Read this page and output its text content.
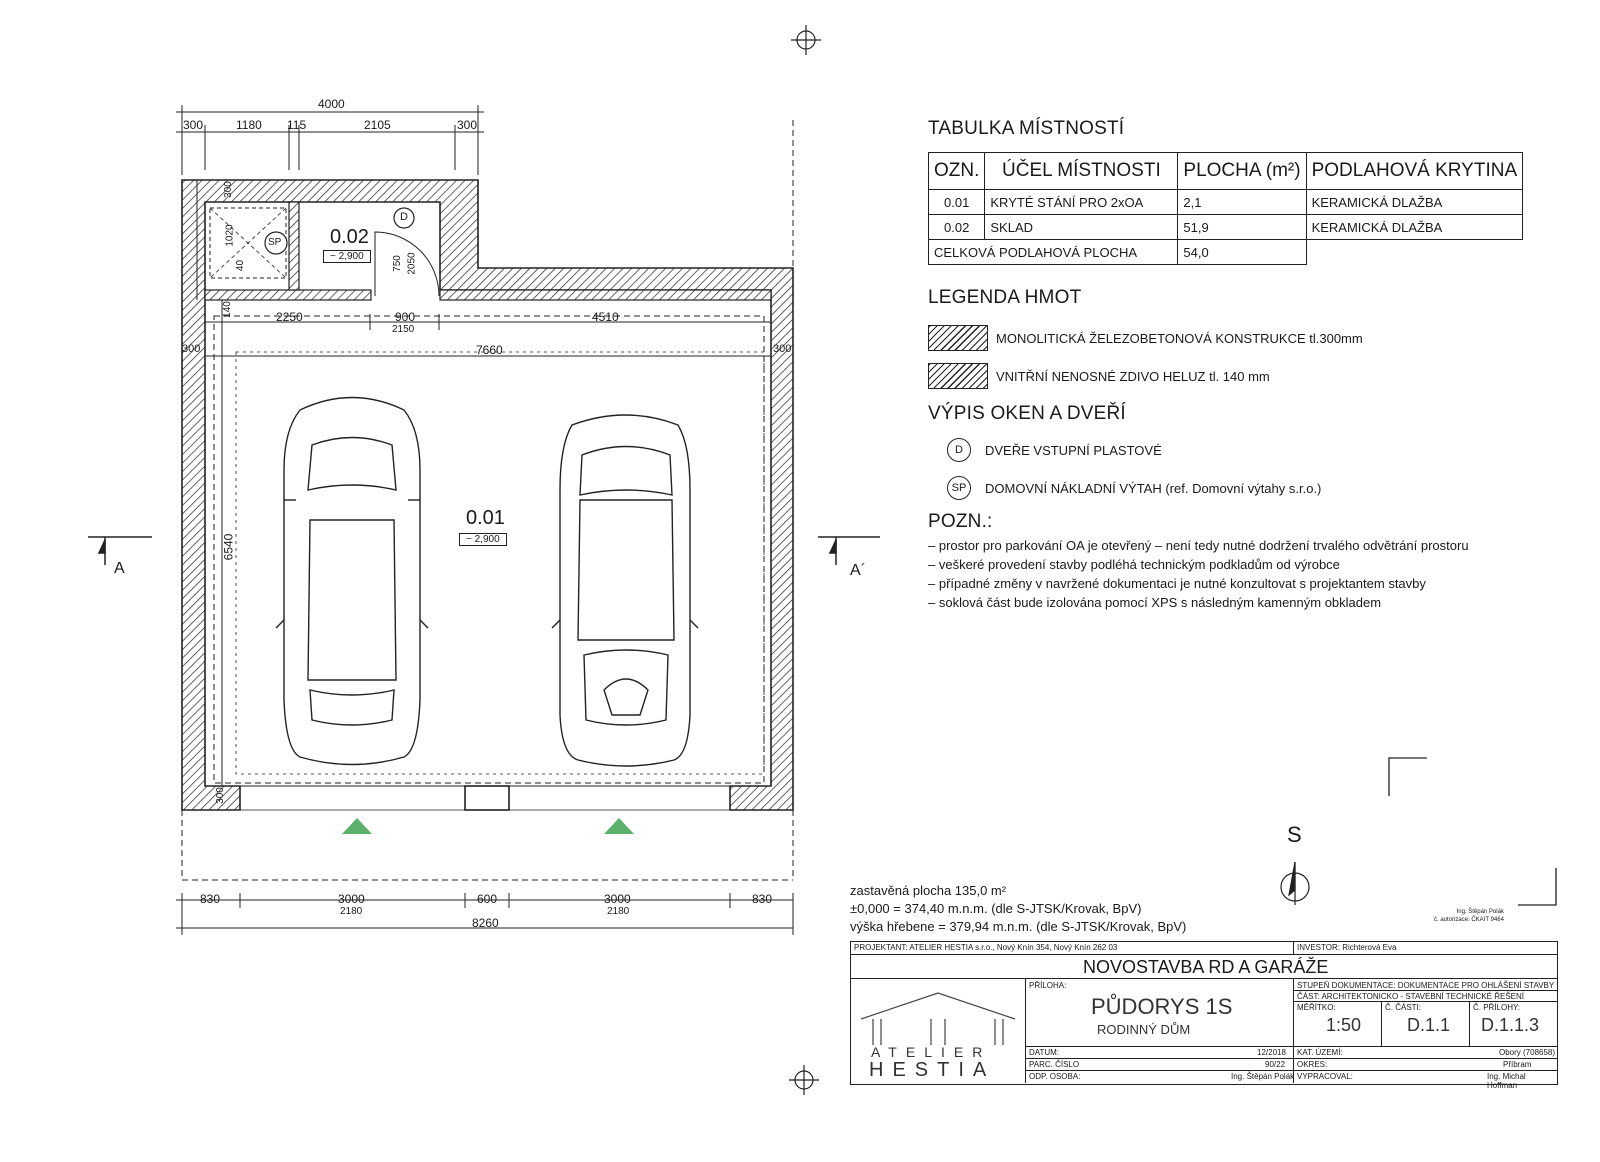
4000
300	1180 115	2105	300
300
1020
40
140
SP 0.02
− 2,900
D
750 2050
2250	900
2150
4510
300	300
7660
6540
300
0.01
− 2,900
A	A´
830	3000
2180
600	3000
2180
830
8260
S
TABULKA MÍSTNOSTÍ
OZN.	ÚČEL MÍSTNOSTI	PLOCHA (m²)	PODLAHOVÁ KRYTINA
0.01	KRYTÉ STÁNÍ PRO 2xOA	2,1	KERAMICKÁ DLAŽBA
0.02	SKLAD	51,9	KERAMICKÁ DLAŽBA
CELKOVÁ PODLAHOVÁ PLOCHA		54,0	
LEGENDA HMOT
MONOLITICKÁ ŽELEZOBETONOVÁ KONSTRUKCE tl.300mm
VNITŘNÍ NENOSNÉ ZDIVO HELUZ tl. 140 mm
VÝPIS OKEN A DVEŘÍ
D	DVEŘE VSTUPNÍ PLASTOVÉ
SP	DOMOVNÍ NÁKLADNÍ VÝTAH (ref. Domovní výtahy s.r.o.)
POZN.:
– prostor pro parkování OA je otevřený – není tedy nutné dodržení trvalého odvětrání prostoru
– veškeré provedení stavby podléhá technickým podkladům od výrobce
– případné změny v navržené dokumentaci je nutné konzultovat s projektantem stavby
– soklová část bude izolována pomocí XPS s následným kamenným obkladem
zastavěná plocha 135,0 m²
±0,000 = 374,40 m.n.m. (dle S-JTSK/Krovak, BpV)
výška hřebene = 379,94 m.n.m. (dle S-JTSK/Krovak, BpV)
Ing. Štěpán Polák
č. autorizace: ČKAIT 9464
PROJEKTANT: ATELIER HESTIA s.r.o., Nový Knín 354, Nový Knín 262 03	INVESTOR: Richterová Eva
NOVOSTAVBA RD A GARÁŽE
ATELIER
HESTIA
PŘÍLOHA:
PŮDORYS 1S
RODINNÝ DŮM
DATUM:	12/2018
PARC. ČÍSLO	90/22
ODP. OSOBA:	Ing. Štěpán Polák
STUPEŇ DOKUMENTACE: DOKUMENTACE PRO OHLÁŠENÍ STAVBY
ČÁST: ARCHITEKTONICKO - STAVEBNÍ TECHNICKÉ ŘEŠENÍ
MĚŘÍTKO:
1:50
Č. ČÁSTI:
D.1.1
Č. PŘÍLOHY:
D.1.1.3
KAT. ÚZEMÍ:	Obory (708658)
OKRES:	Příbram
VYPRACOVAL:	Ing. Michal Hoffman
